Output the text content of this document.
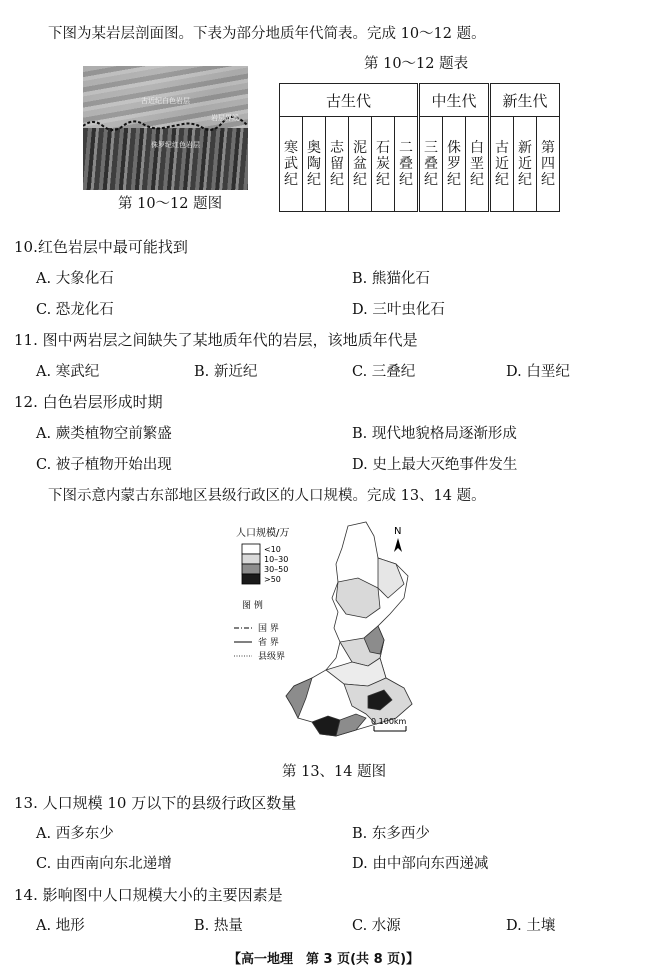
下图为某岩层剖面图。下表为部分地质年代简表。完成 10～12 题。
第 10～12 题表
古近纪白色岩层
岩层界线
侏罗纪红色岩层
第 10～12 题图
古生代						中生代			新生代		
寒
武
纪	奥
陶
纪	志
留
纪	泥
盆
纪	石
炭
纪	二
叠
纪	三
叠
纪	侏
罗
纪	白
垩
纪	古
近
纪	新
近
纪	第
四
纪
10.红色岩层中最可能找到
A. 大象化石	B. 熊猫化石
C. 恐龙化石	D. 三叶虫化石
11. 图中两岩层之间缺失了某地质年代的岩层，该地质年代是
A. 寒武纪	B. 新近纪	C. 三叠纪	D. 白垩纪
12. 白色岩层形成时期
A. 蕨类植物空前繁盛	B. 现代地貌格局逐渐形成
C. 被子植物开始出现	D. 史上最大灭绝事件发生
下图示意内蒙古东部地区县级行政区的人口规模。完成 13、14 题。
人口规模/万
<10
10–30
30–50
>50
图 例
国 界
省 界
县级界
N
0 100km
第 13、14 题图
13. 人口规模 10 万以下的县级行政区数量
A. 西多东少	B. 东多西少
C. 由西南向东北递增	D. 由中部向东西递减
14. 影响图中人口规模大小的主要因素是
A. 地形	B. 热量	C. 水源	D. 土壤
【高一地理　第 3 页(共 8 页)】
